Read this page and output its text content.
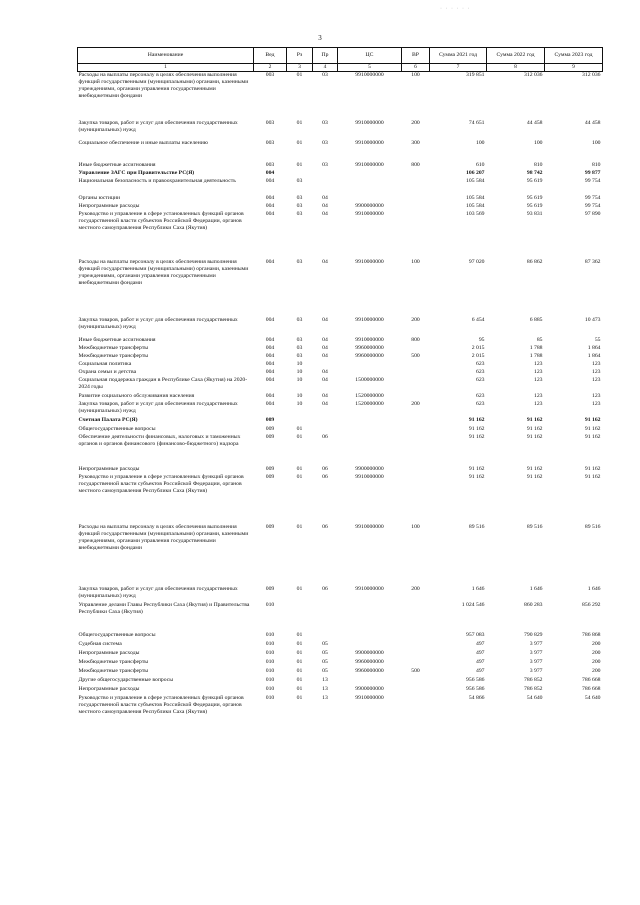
· · · · · ·
3
Наименование	Вед	Рз	Пр	ЦС	ВР	Сумма 2021 год	Сумма 2022 год	Сумма 2023 год
1	2	3	4	5	6	7	8	9
Расходы на выплаты персоналу в целях обеспечения выполнения функций государственными (муниципальными) органами, казенными учреждениями, органами управления государственными внебюджетными фондами	003	01	03	9910000000	100	319 851	312 036	312 036
Закупка товаров, работ и услуг для обеспечения государственных (муниципальных) нужд	003	01	03	9910000000	200	74 651	44 458	44 458
Социальное обеспечение и иные выплаты населению	003	01	03	9910000000	300	100	100	100
Иные бюджетные ассигнования	003	01	03	9910000000	800	610	810	810
Управление ЗАГС при Правительстве РС(Я)	004					106 207	98 742	99 877
Национальная безопасность и правоохранительная деятельность	004	03				105 584	95 619	99 754
Органы юстиции	004	03	04			105 584	95 619	99 754
Непрограммные расходы	004	03	04	9900000000		105 584	95 619	99 754
Руководство и управление в сфере установленных функций органов государственной власти субъектов Российской Федерации, органов местного самоуправления Республики Саха (Якутия)	004	03	04	9910000000		103 569	93 831	97 890
Расходы на выплаты персоналу в целях обеспечения выполнения функций государственными (муниципальными) органами, казенными учреждениями, органами управления государственными внебюджетными фондами	004	03	04	9910000000	100	97 020	86 862	87 362
Закупка товаров, работ и услуг для обеспечения государственных (муниципальных) нужд	004	03	04	9910000000	200	6 454	6 885	10 473
Иные бюджетные ассигнования	004	03	04	9910000000	800	95	85	55
Межбюджетные трансферты	004	03	04	9960000000		2 015	1 788	1 864
Межбюджетные трансферты	004	03	04	9960000000	500	2 015	1 788	1 864
Социальная политика	004	10				623	123	123
Охрана семьи и детства	004	10	04			623	123	123
Социальная поддержка граждан в Республике Саха (Якутия) на 2020-2024 годы	004	10	04	1500000000		623	123	123
Развитие социального обслуживания населения	004	10	04	1520000000		623	123	123
Закупка товаров, работ и услуг для обеспечения государственных (муниципальных) нужд	004	10	04	1520000000	200	623	123	123
Счетная Палата РС(Я)	009					91 162	91 162	91 162
Общегосударственные вопросы	009	01				91 162	91 162	91 162
Обеспечение деятельности финансовых, налоговых и таможенных органов и органов финансового (финансово-бюджетного) надзора	009	01	06			91 162	91 162	91 162
Непрограммные расходы	009	01	06	9900000000		91 162	91 162	91 162
Руководство и управление в сфере установленных функций органов государственной власти субъектов Российской Федерации, органов местного самоуправления Республики Саха (Якутия)	009	01	06	9910000000		91 162	91 162	91 162
Расходы на выплаты персоналу в целях обеспечения выполнения функций государственными (муниципальными) органами, казенными учреждениями, органами управления государственными внебюджетными фондами	009	01	06	9910000000	100	89 516	89 516	89 516
Закупка товаров, работ и услуг для обеспечения государственных (муниципальных) нужд	009	01	06	9910000000	200	1 646	1 646	1 646
Управление делами Главы Республики Саха (Якутия) и Правительства Республики Саха (Якутия)	010					1 024 546	860 283	856 292
Общегосударственные вопросы	010	01				957 083	790 829	786 868
Судебная система	010	01	05			497	3 977	200
Непрограммные расходы	010	01	05	9900000000		497	3 977	200
Межбюджетные трансферты	010	01	05	9960000000		497	3 977	200
Межбюджетные трансферты	010	01	05	9960000000	500	497	3 977	200
Другие общегосударственные вопросы	010	01	13			956 586	786 852	786 668
Непрограммные расходы	010	01	13	9900000000		956 586	786 852	786 668
Руководство и управление в сфере установленных функций органов государственной власти субъектов Российской Федерации, органов местного самоуправления Республики Саха (Якутия)	010	01	13	9910000000		54 866	54 640	54 640
